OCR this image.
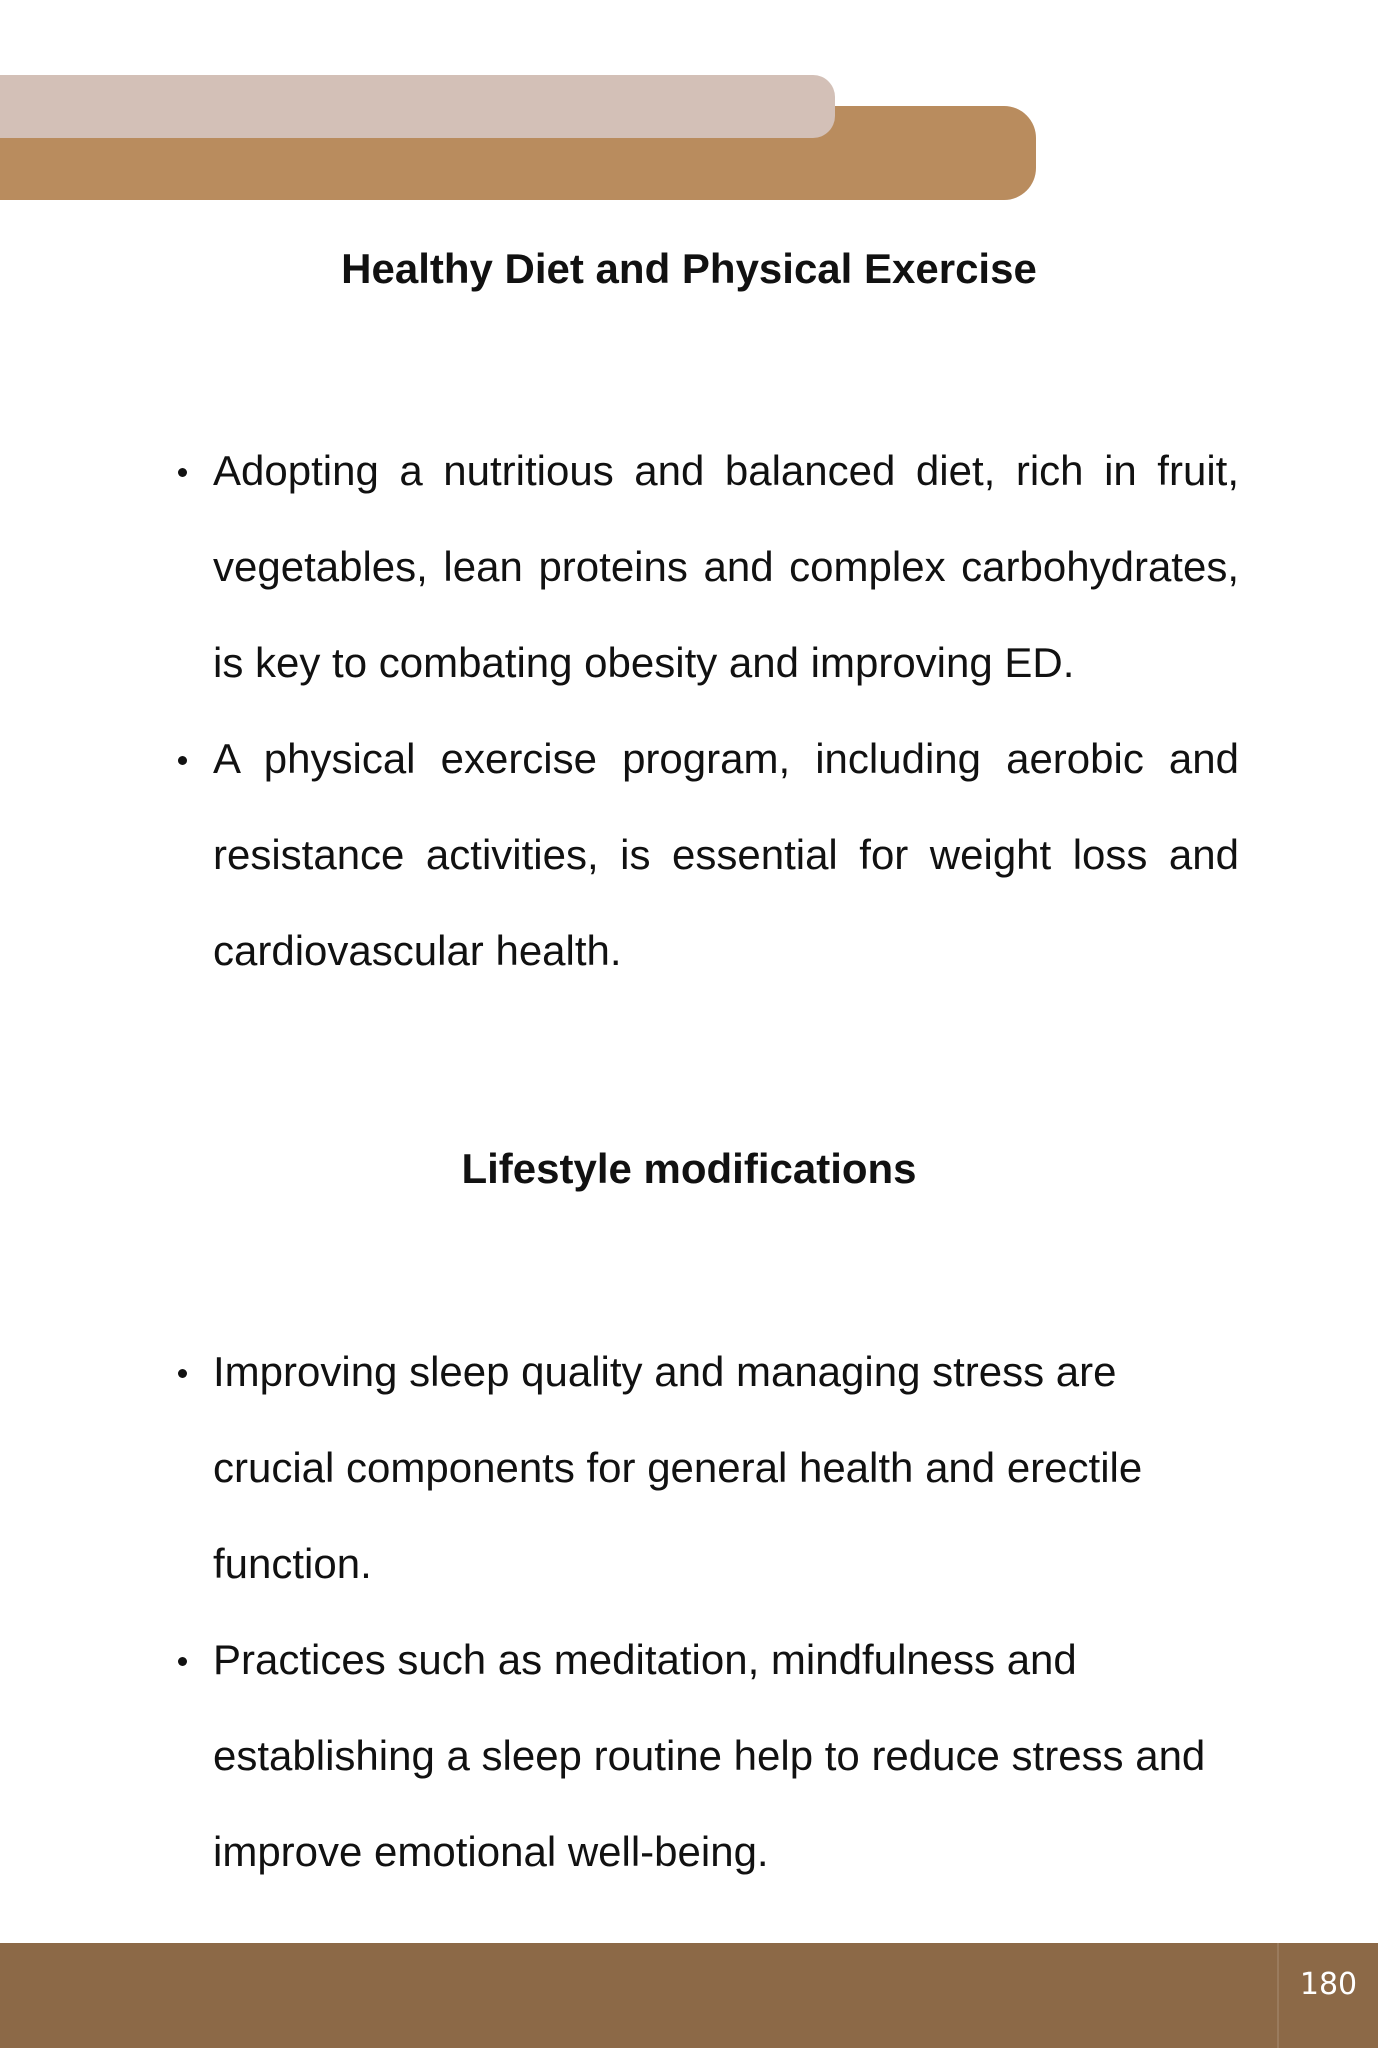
Healthy Diet and Physical Exercise
Adopting a nutritious and balanced diet, rich in fruit, vegetables, lean proteins and complex carbohydrates, is key to combating obesity and improving ED.
A physical exercise program, including aerobic and resistance activities, is essential for weight loss and cardiovascular health.
Lifestyle modifications
Improving sleep quality and managing stress are crucial components for general health and erectile function.
Practices such as meditation, mindfulness and establishing a sleep routine help to reduce stress and improve emotional well-being.
180
